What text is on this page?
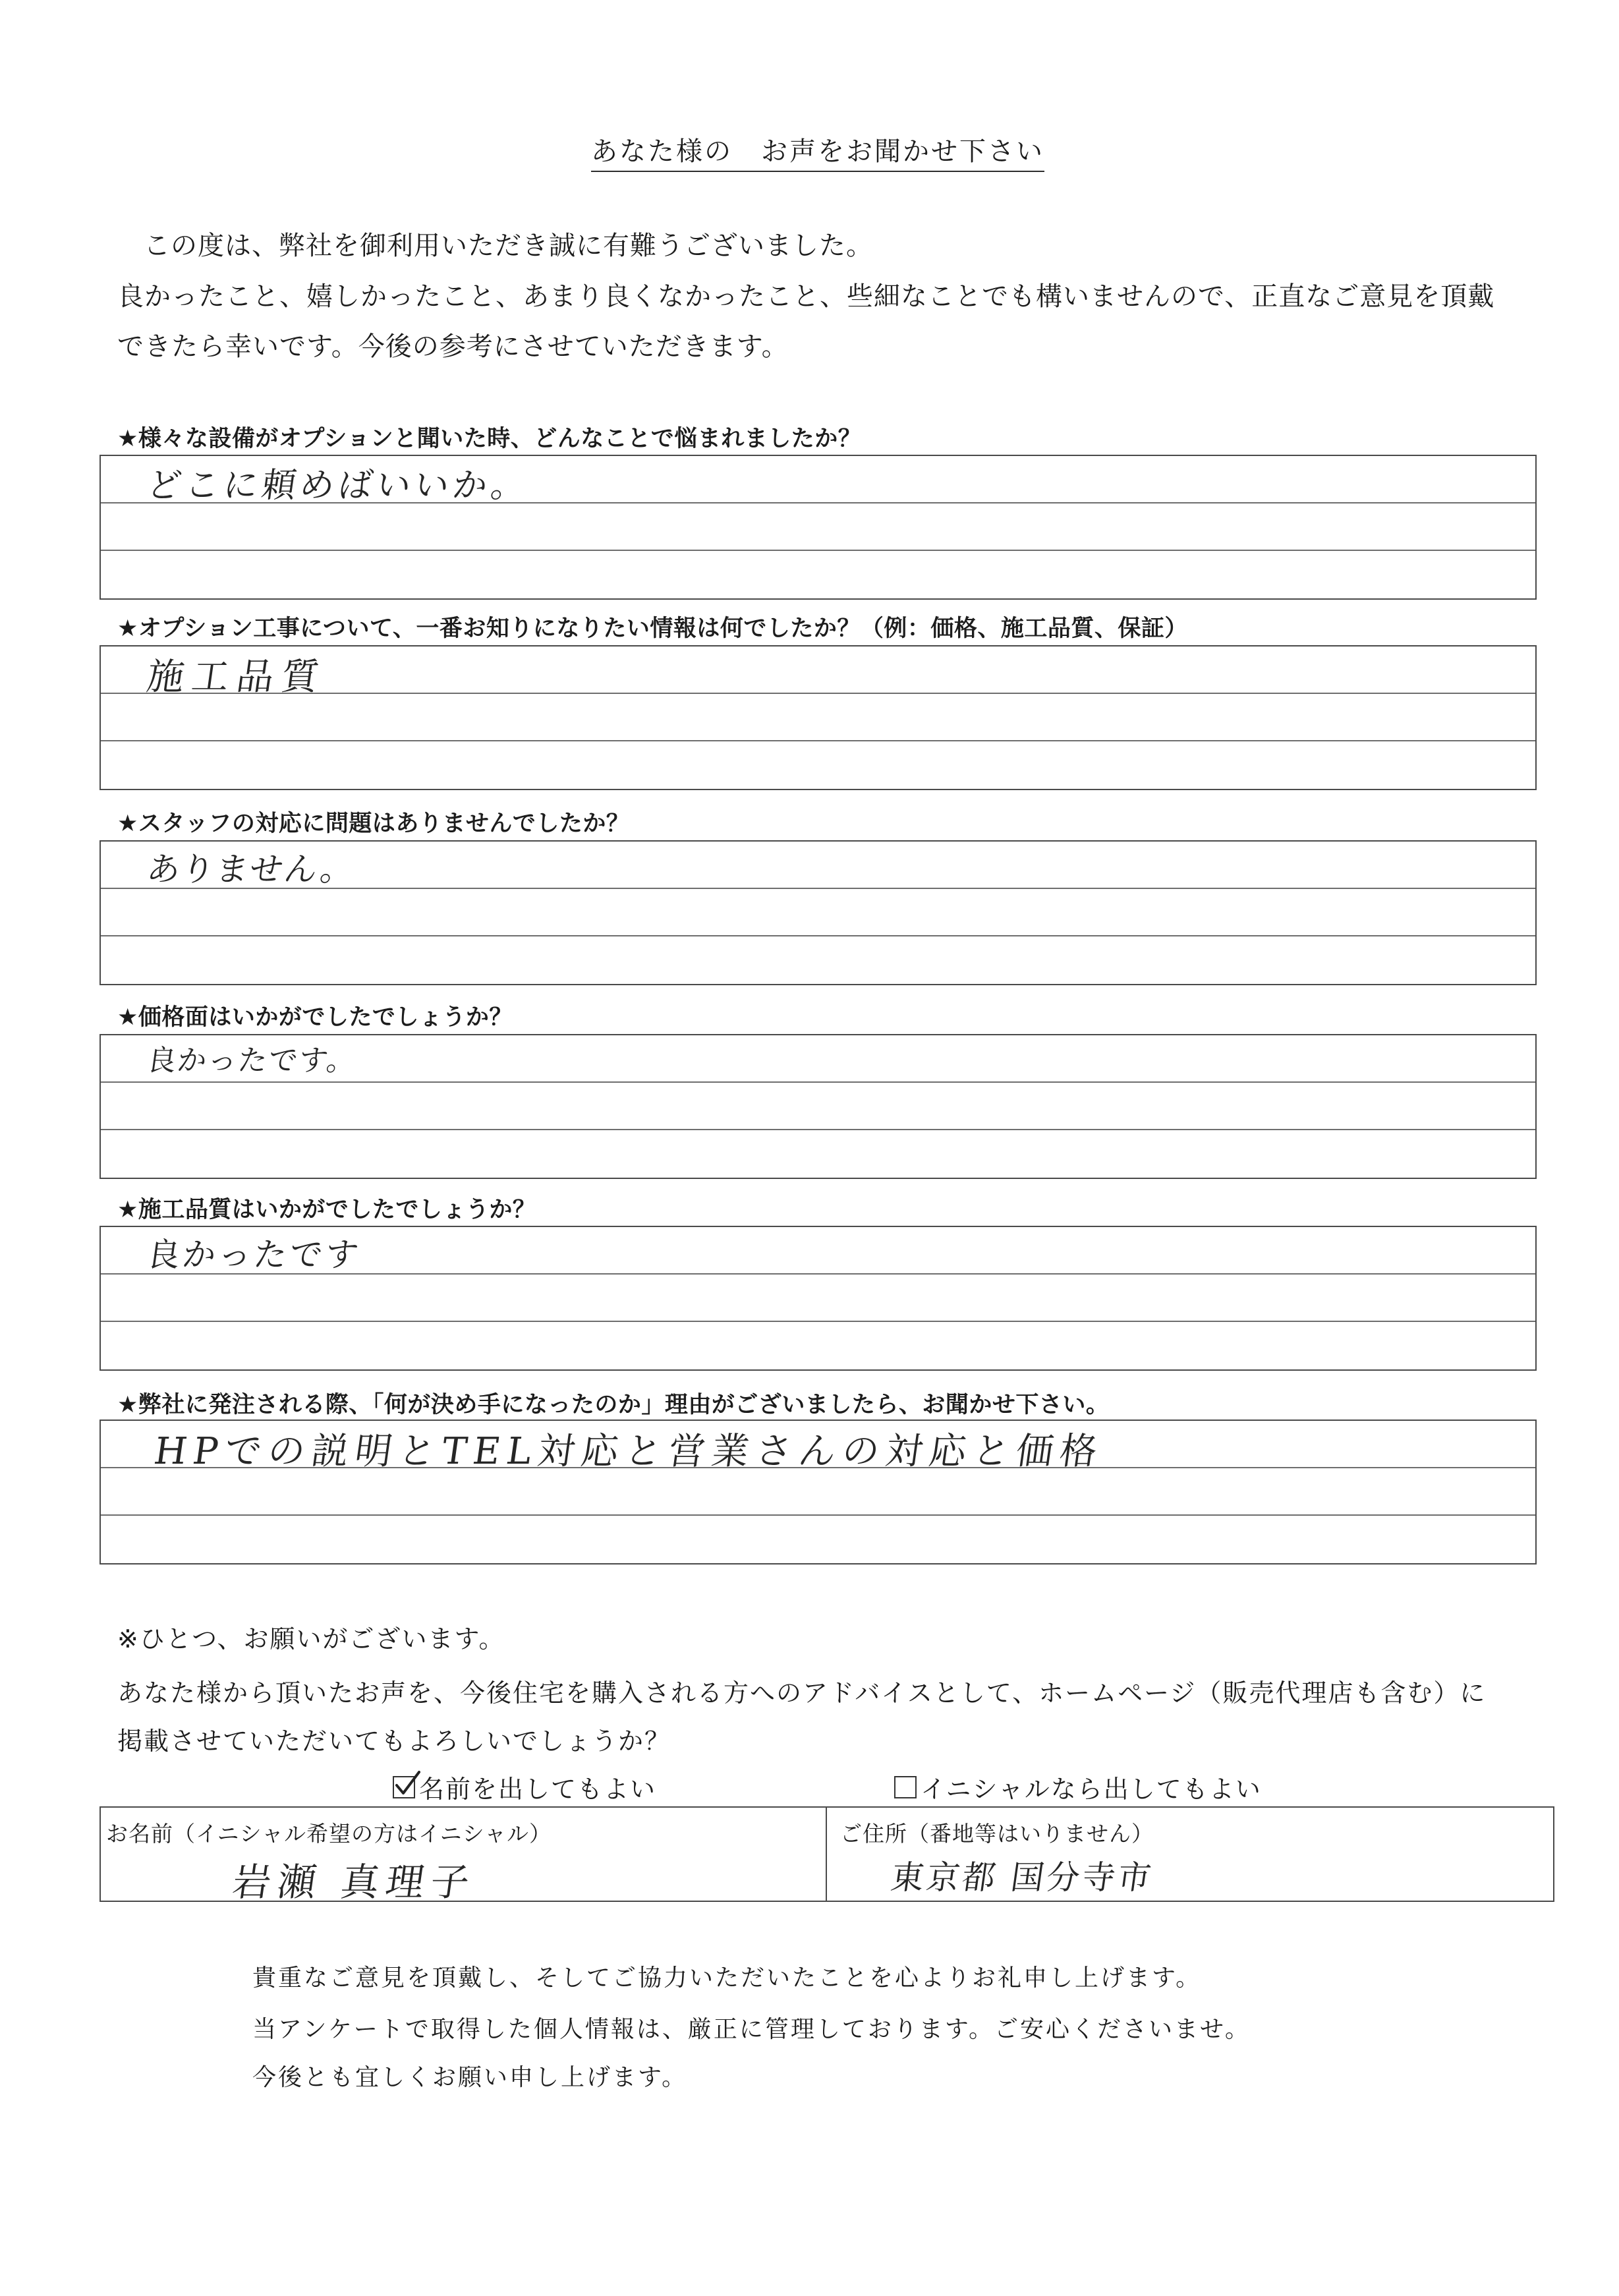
あなた様の　お声をお聞かせ下さい
この度は、弊社を御利用いただき誠に有難うございました。
良かったこと、嬉しかったこと、あまり良くなかったこと、些細なことでも構いませんので、正直なご意見を頂戴
できたら幸いです。今後の参考にさせていただきます。
★様々な設備がオプションと聞いた時、どんなことで悩まれましたか？
どこに頼めばいいか。
★オプション工事について、一番お知りになりたい情報は何でしたか？（例：価格、施工品質、保証）
施工品質
★スタッフの対応に問題はありませんでしたか？
ありません。
★価格面はいかがでしたでしょうか？
良かったです。
★施工品質はいかがでしたでしょうか？
良かったです
★弊社に発注される際、「何が決め手になったのか」理由がございましたら、お聞かせ下さい。
HPでの説明とTEL対応と営業さんの対応と価格
※ひとつ、お願いがございます。
あなた様から頂いたお声を、今後住宅を購入される方へのアドバイスとして、ホームページ（販売代理店も含む）に
掲載させていただいてもよろしいでしょうか？
名前を出してもよい	イニシャルなら出してもよい
お名前（イニシャル希望の方はイニシャル）
岩瀬 真理子
ご住所（番地等はいりません）
東京都 国分寺市
貴重なご意見を頂戴し、そしてご協力いただいたことを心よりお礼申し上げます。
当アンケートで取得した個人情報は、厳正に管理しております。ご安心くださいませ。
今後とも宜しくお願い申し上げます。
